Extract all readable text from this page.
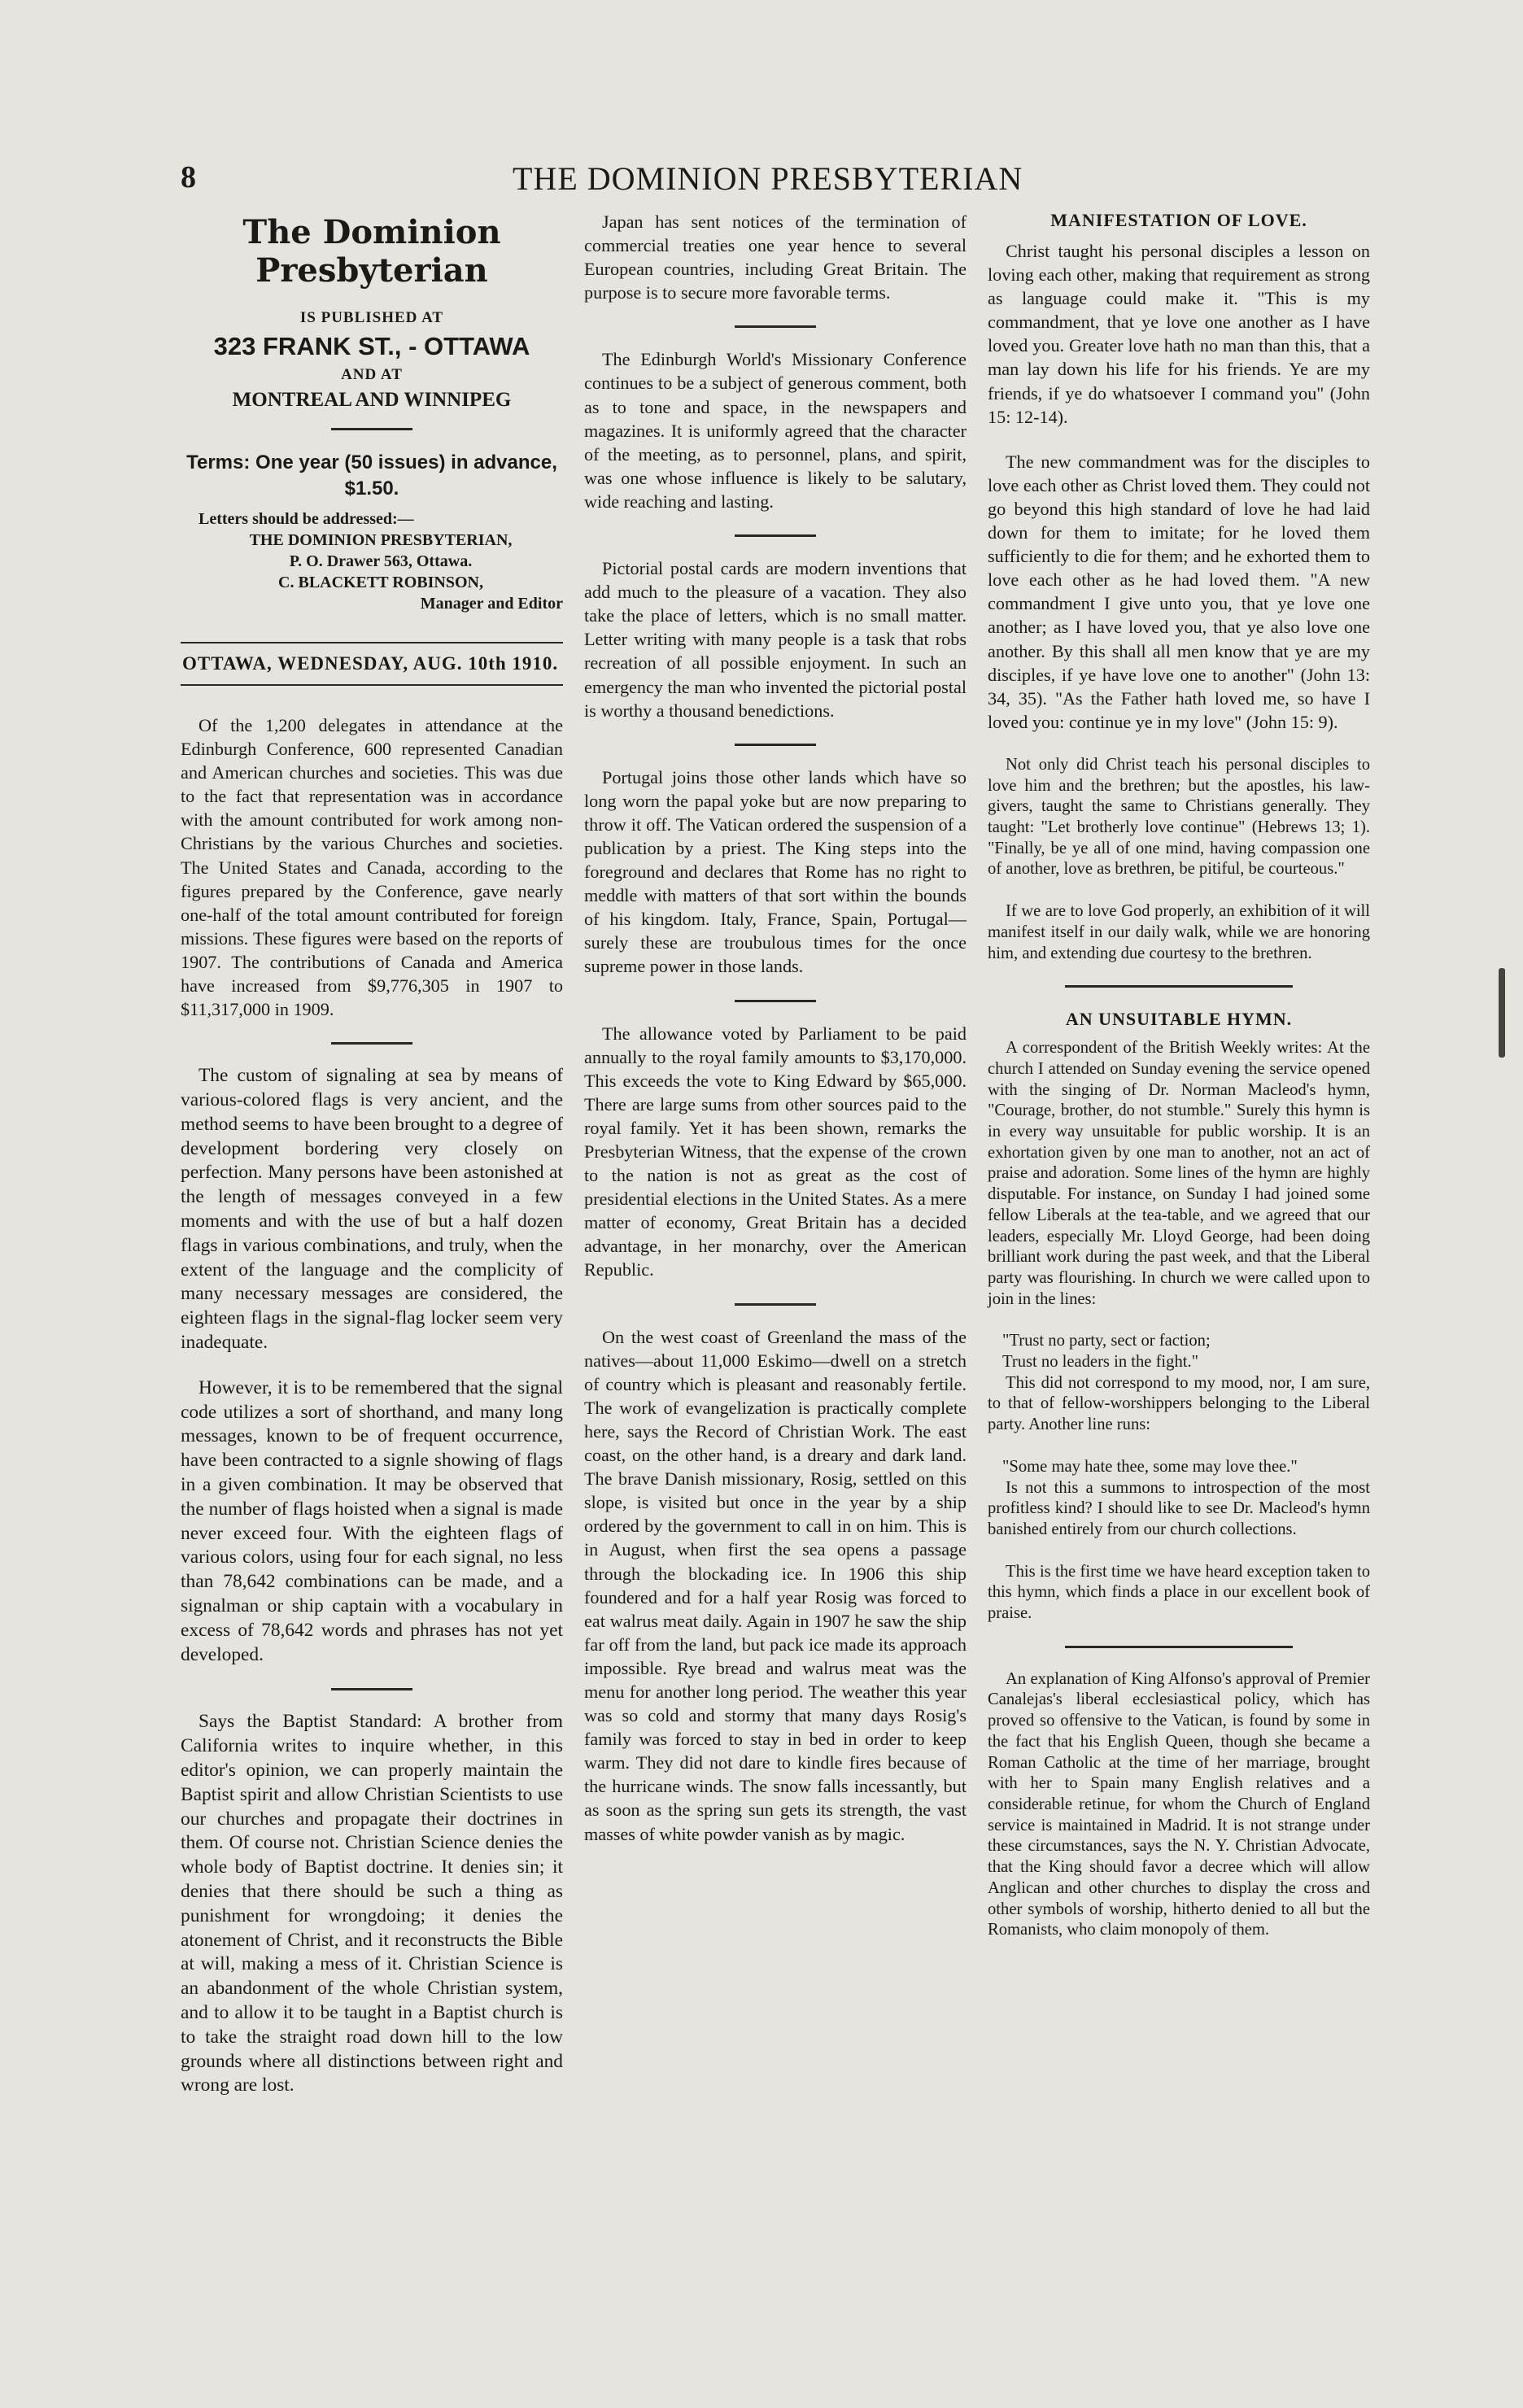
8	THE DOMINION PRESBYTERIAN
The Dominion Presbyterian
IS PUBLISHED AT
323 FRANK ST., - OTTAWA
AND AT
MONTREAL AND WINNIPEG
Terms: One year (50 issues) in advance, $1.50.

Letters should be addressed:—

THE DOMINION PRESBYTERIAN,

P. O. Drawer 563, Ottawa.

C. BLACKETT ROBINSON,

Manager and Editor

OTTAWA, WEDNESDAY, AUG. 10th 1910.

Of the 1,200 delegates in attendance at the Edinburgh Conference, 600 represented Canadian and American churches and societies. This was due to the fact that representation was in accordance with the amount contributed for work among non-Christians by the various Churches and societies. The United States and Canada, according to the figures prepared by the Conference, gave nearly one-half of the total amount contributed for foreign missions. These figures were based on the reports of 1907. The contributions of Canada and America have increased from $9,776,305 in 1907 to $11,317,000 in 1909.

The custom of signaling at sea by means of various-colored flags is very ancient, and the method seems to have been brought to a degree of development bordering very closely on perfection. Many persons have been astonished at the length of messages conveyed in a few moments and with the use of but a half dozen flags in various combinations, and truly, when the extent of the language and the complicity of many necessary messages are considered, the eighteen flags in the signal-flag locker seem very inadequate.

However, it is to be remembered that the signal code utilizes a sort of shorthand, and many long messages, known to be of frequent occurrence, have been contracted to a signle showing of flags in a given combination. It may be observed that the number of flags hoisted when a signal is made never exceed four. With the eighteen flags of various colors, using four for each signal, no less than 78,642 combinations can be made, and a signalman or ship captain with a vocabulary in excess of 78,642 words and phrases has not yet developed.

Says the Baptist Standard: A brother from California writes to inquire whether, in this editor's opinion, we can properly maintain the Baptist spirit and allow Christian Scientists to use our churches and propagate their doctrines in them. Of course not. Christian Science denies the whole body of Baptist doctrine. It denies sin; it denies that there should be such a thing as punishment for wrongdoing; it denies the atonement of Christ, and it reconstructs the Bible at will, making a mess of it. Christian Science is an abandonment of the whole Christian system, and to allow it to be taught in a Baptist church is to take the straight road down hill to the low grounds where all distinctions between right and wrong are lost.

Japan has sent notices of the termination of commercial treaties one year hence to several European countries, including Great Britain. The purpose is to secure more favorable terms.

The Edinburgh World's Missionary Conference continues to be a subject of generous comment, both as to tone and space, in the newspapers and magazines. It is uniformly agreed that the character of the meeting, as to personnel, plans, and spirit, was one whose influence is likely to be salutary, wide reaching and lasting.

Pictorial postal cards are modern inventions that add much to the pleasure of a vacation. They also take the place of letters, which is no small matter. Letter writing with many people is a task that robs recreation of all possible enjoyment. In such an emergency the man who invented the pictorial postal is worthy a thousand benedictions.

Portugal joins those other lands which have so long worn the papal yoke but are now preparing to throw it off. The Vatican ordered the suspension of a publication by a priest. The King steps into the foreground and declares that Rome has no right to meddle with matters of that sort within the bounds of his kingdom. Italy, France, Spain, Portugal—surely these are troubulous times for the once supreme power in those lands.

The allowance voted by Parliament to be paid annually to the royal family amounts to $3,170,000. This exceeds the vote to King Edward by $65,000. There are large sums from other sources paid to the royal family. Yet it has been shown, remarks the Presbyterian Witness, that the expense of the crown to the nation is not as great as the cost of presidential elections in the United States. As a mere matter of economy, Great Britain has a decided advantage, in her monarchy, over the American Republic.

On the west coast of Greenland the mass of the natives—about 11,000 Eskimo—dwell on a stretch of country which is pleasant and reasonably fertile. The work of evangelization is practically complete here, says the Record of Christian Work. The east coast, on the other hand, is a dreary and dark land. The brave Danish missionary, Rosig, settled on this slope, is visited but once in the year by a ship ordered by the government to call in on him. This is in August, when first the sea opens a passage through the blockading ice. In 1906 this ship foundered and for a half year Rosig was forced to eat walrus meat daily. Again in 1907 he saw the ship far off from the land, but pack ice made its approach impossible. Rye bread and walrus meat was the menu for another long period. The weather this year was so cold and stormy that many days Rosig's family was forced to stay in bed in order to keep warm. They did not dare to kindle fires because of the hurricane winds. The snow falls incessantly, but as soon as the spring sun gets its strength, the vast masses of white powder vanish as by magic.

MANIFESTATION OF LOVE.

Christ taught his personal disciples a lesson on loving each other, making that requirement as strong as language could make it. "This is my commandment, that ye love one another as I have loved you. Greater love hath no man than this, that a man lay down his life for his friends. Ye are my friends, if ye do whatsoever I command you" (John 15: 12-14).

The new commandment was for the disciples to love each other as Christ loved them. They could not go beyond this high standard of love he had laid down for them to imitate; for he loved them sufficiently to die for them; and he exhorted them to love each other as he had loved them. "A new commandment I give unto you, that ye love one another; as I have loved you, that ye also love one another. By this shall all men know that ye are my disciples, if ye have love one to another" (John 13: 34, 35). "As the Father hath loved me, so have I loved you: continue ye in my love" (John 15: 9).

Not only did Christ teach his personal disciples to love him and the brethren; but the apostles, his law-givers, taught the same to Christians generally. They taught: "Let brotherly love continue" (Hebrews 13; 1). "Finally, be ye all of one mind, having compassion one of another, love as brethren, be pitiful, be courteous."

If we are to love God properly, an exhibition of it will manifest itself in our daily walk, while we are honoring him, and extending due courtesy to the brethren.

AN UNSUITABLE HYMN.

A correspondent of the British Weekly writes: At the church I attended on Sunday evening the service opened with the singing of Dr. Norman Macleod's hymn, "Courage, brother, do not stumble." Surely this hymn is in every way unsuitable for public worship. It is an exhortation given by one man to another, not an act of praise and adoration. Some lines of the hymn are highly disputable. For instance, on Sunday I had joined some fellow Liberals at the tea-table, and we agreed that our leaders, especially Mr. Lloyd George, had been doing brilliant work during the past week, and that the Liberal party was flourishing. In church we were called upon to join in the lines:

"Trust no party, sect or faction;

Trust no leaders in the fight."

This did not correspond to my mood, nor, I am sure, to that of fellow-worshippers belonging to the Liberal party. Another line runs:

"Some may hate thee, some may love thee."

Is not this a summons to introspection of the most profitless kind? I should like to see Dr. Macleod's hymn banished entirely from our church collections.

This is the first time we have heard exception taken to this hymn, which finds a place in our excellent book of praise.

An explanation of King Alfonso's approval of Premier Canalejas's liberal ecclesiastical policy, which has proved so offensive to the Vatican, is found by some in the fact that his English Queen, though she became a Roman Catholic at the time of her marriage, brought with her to Spain many English relatives and a considerable retinue, for whom the Church of England service is maintained in Madrid. It is not strange under these circumstances, says the N. Y. Christian Advocate, that the King should favor a decree which will allow Anglican and other churches to display the cross and other symbols of worship, hitherto denied to all but the Romanists, who claim monopoly of them.
